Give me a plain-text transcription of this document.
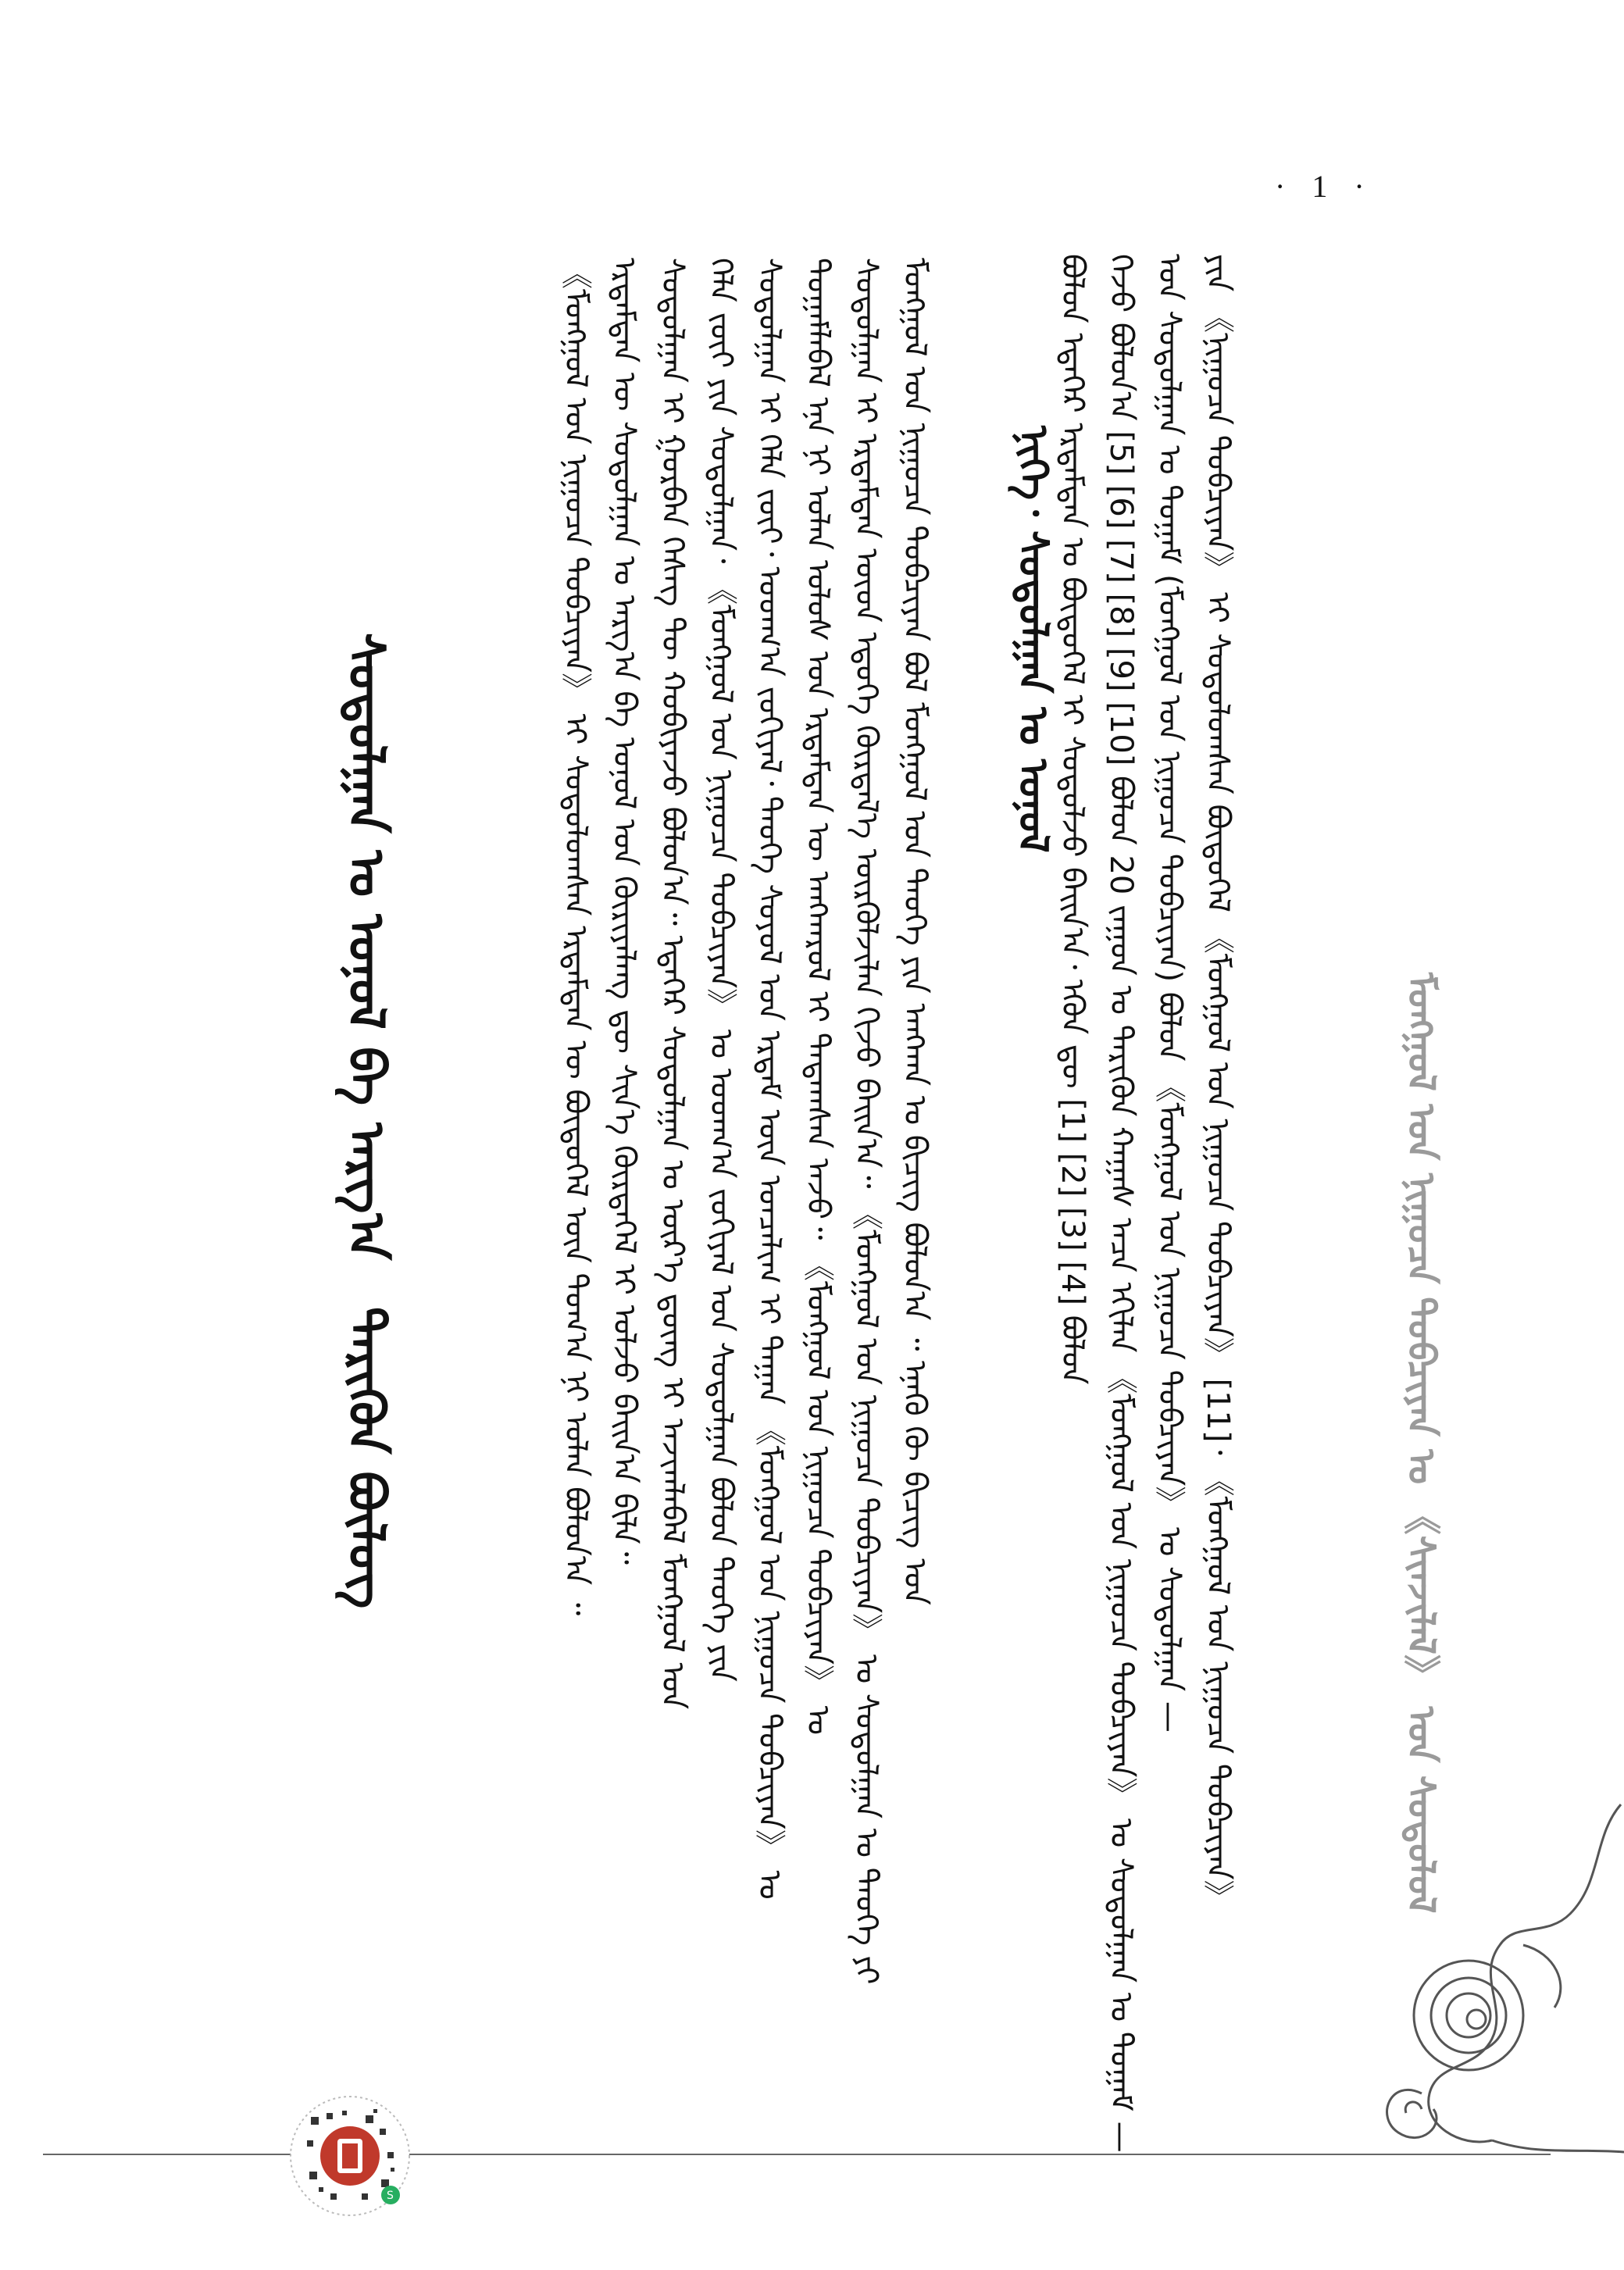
· 1 ·
ᠮᠣᠩᠭᠣᠯ ᠤᠨ ᠨᠢᠭᠤᠴᠠ ᠲᠣᠪᠴᠢᠶᠠᠨ ᠤ 《ᠰᠢᠨᠵᠢᠯᠡᠯ》 ᠤᠨ ᠰᠤᠳᠤᠯᠤᠯ
ᠶᠢᠨ 《ᠨᠢᠭᠤᠴᠠ ᠲᠣᠪᠴᠢᠶᠠᠨ》 ᠢ ᠰᠤᠳᠤᠯᠤᠭᠰᠠᠨ ᠪᠦᠲᠦᠭᠡᠯ 《ᠮᠣᠩᠭᠣᠯ ᠤᠨ ᠨᠢᠭᠤᠴᠠ ᠲᠣᠪᠴᠢᠶᠠᠨ》 [11]᠂ 《ᠮᠣᠩᠭᠣᠯ ᠤᠨ ᠨᠢᠭᠤᠴᠠ ᠲᠣᠪᠴᠢᠶᠠᠨ》
ᠤᠨ ᠰᠤᠳᠤᠯᠭᠠᠨ ᠤ ᠲᠣᠭᠠᠮ (ᠮᠣᠩᠭᠣᠯ ᠤᠨ ᠨᠢᠭᠤᠴᠠ ᠲᠣᠪᠴᠢᠶᠠᠨ) ᠪᠣᠯᠤᠨ 《ᠮᠣᠩᠭᠣᠯ ᠤᠨ ᠨᠢᠭᠤᠴᠠ ᠲᠣᠪᠴᠢᠶᠠᠨ》 ᠤ ᠰᠤᠳᠤᠯᠭᠠᠨ —
ᠭᠡᠵᠦ ᠪᠣᠯᠤᠨ᠎ᠠ [5] [6] [7] [8] [9] [10] ᠪᠣᠯᠤᠨ 20 ᠵᠠᠭᠤᠨ ᠤ ᠲᠡᠷᠢᠭᠦᠨ ᠬᠠᠭᠠᠰ ᠠᠴᠠ ᠡᠬᠢᠯᠡᠨ 《ᠮᠣᠩᠭᠣᠯ ᠤᠨ ᠨᠢᠭᠤᠴᠠ ᠲᠣᠪᠴᠢᠶᠠᠨ》 ᠤ ᠰᠤᠳᠤᠯᠭᠠᠨ ᠤ ᠲᠣᠭᠠᠮ —
ᠪᠣᠯᠤᠨ ᠡᠳᠡᠭᠡᠷ ᠡᠷᠳᠡᠮᠲᠡᠨ ᠤ ᠪᠦᠲᠦᠭᠡᠯ ᠢ ᠰᠤᠳᠤᠯᠵᠤ ᠪᠠᠢᠨ᠎ᠠ᠂ ᠡᠭᠦᠨ ᠳᠦ [1] [2] [3] [4] ᠪᠣᠯᠤᠨ
ᠨᠢᠭᠡ᠂ ᠰᠤᠳᠤᠯᠭᠠᠨ ᠤ ᠣᠨᠣᠯ
ᠮᠣᠩᠭᠣᠯ ᠤᠨ ᠨᠢᠭᠤᠴᠠ ᠲᠣᠪᠴᠢᠶᠠᠨ ᠪᠣᠯ ᠮᠣᠩᠭᠣᠯ ᠤᠨ ᠲᠡᠦᠬᠡ ᠶᠢᠨ ᠠᠩᠬᠠᠨ ᠤ ᠪᠢᠴᠢᠭ ᠪᠣᠯᠤᠨ᠎ᠠ ᠃ ᠡᠨᠡᠬᠦ ᠬᠦ ᠪᠢᠴᠢᠭ ᠤᠨ
ᠰᠤᠳᠤᠯᠭᠠᠨ ᠢ ᠡᠷᠳᠡᠮᠲᠡᠨ ᠦᠳ ᠡᠳᠦᠭᠡ ᠬᠦᠷᠲᠡᠯ᠎ᠡ ᠦᠷᠭᠦᠯᠵᠢᠯᠡᠨ ᠬᠢᠵᠦ ᠪᠠᠢᠨ᠎ᠠ᠃ 《ᠮᠣᠩᠭᠣᠯ ᠤᠨ ᠨᠢᠭᠤᠴᠠ ᠲᠣᠪᠴᠢᠶᠠᠨ》 ᠤ ᠰᠤᠳᠤᠯᠭᠠᠨ ᠤ ᠲᠡᠦᠬᠡ ᠶᠢ
ᠲᠣᠭᠠᠮᠯᠠᠪᠠᠯ ᠡᠨᠡ ᠨᠢ ᠣᠯᠠᠨ ᠤᠯᠤᠰ ᠤᠨ ᠡᠷᠳᠡᠮᠲᠡᠨ ᠦ ᠠᠩᠬᠠᠷᠤᠯ ᠢ ᠲᠠᠲᠠᠭᠰᠠᠨ ᠠᠵᠤ᠃ 《ᠮᠣᠩᠭᠣᠯ ᠤᠨ ᠨᠢᠭᠤᠴᠠ ᠲᠣᠪᠴᠢᠶᠠᠨ》 ᠤ
ᠰᠤᠳᠤᠯᠭᠠᠨ ᠢ ᠬᠡᠯᠡ ᠵᠦᠢ᠂ ᠤᠳᠬ᠎ᠠ ᠵᠣᠬᠢᠶᠠᠯ᠂ ᠲᠡᠦᠬᠡ ᠰᠣᠶᠣᠯ ᠤᠨ ᠡᠷᠳᠡᠮ ᠦᠨ ᠣᠨᠴᠠᠯᠢᠭ ᠢ ᠳᠠᠭᠠᠨ 《ᠮᠣᠩᠭᠣᠯ ᠤᠨ ᠨᠢᠭᠤᠴᠠ ᠲᠣᠪᠴᠢᠶᠠᠨ》 ᠤ
ᠬᠡᠯᠡ ᠵᠦᠢ ᠶᠢᠨ ᠰᠤᠳᠤᠯᠭᠠᠨ᠂ 《ᠮᠣᠩᠭᠣᠯ ᠤᠨ ᠨᠢᠭᠤᠴᠠ ᠲᠣᠪᠴᠢᠶᠠᠨ》 ᠤ ᠤᠳᠬ᠎ᠠ ᠵᠣᠬᠢᠶᠠᠯ ᠤᠨ ᠰᠤᠳᠤᠯᠭᠠᠨ ᠪᠣᠯᠤᠨ ᠲᠡᠦᠬᠡ ᠶᠢᠨ
ᠰᠤᠳᠤᠯᠭᠠᠨ ᠢ ᠭᠤᠷᠪᠠᠨ ᠬᠡᠰᠡᠭ ᠲᠦ ᠬᠤᠪᠢᠶᠠᠵᠤ ᠪᠣᠯᠤᠨ᠎ᠠ᠃ ᠡᠳᠡᠭᠡᠷ ᠰᠤᠳᠤᠯᠭᠠᠨ ᠤ ᠦᠷ᠎ᠡ ᠳ᠋ᠦᠩ ᠢ ᠠᠵᠢᠭᠯᠠᠪᠠᠯ ᠮᠣᠩᠭᠣᠯ ᠤᠨ
ᠡᠷᠳᠡᠮᠲᠡᠨ ᠦ ᠰᠤᠳᠤᠯᠭᠠᠨ ᠤ ᠠᠷᠭ᠎ᠠ ᠪᠠ ᠣᠨᠣᠯ ᠤᠨ ᠬᠦᠷᠢᠶᠡᠯᠡᠩ ᠳᠦ ᠰᠢᠨ᠎ᠡ ᠬᠦᠷᠲᠡᠭᠡᠯ ᠢ ᠣᠯᠵᠤ ᠪᠠᠢᠨ᠎ᠠ ᠪᠢᠯᠡ᠃
《ᠮᠣᠩᠭᠣᠯ ᠤᠨ ᠨᠢᠭᠤᠴᠠ ᠲᠣᠪᠴᠢᠶᠠᠨ》 ᠢ ᠰᠤᠳᠤᠯᠤᠭᠰᠠᠨ ᠡᠷᠳᠡᠮᠲᠡᠨ ᠦ ᠪᠦᠲᠦᠭᠡᠯ ᠦᠨ ᠲᠣᠭ᠎ᠠ ᠨᠢ ᠣᠯᠠᠨ ᠪᠣᠯᠤᠨ᠎ᠠ ᠃
ᠰᠤᠳᠤᠯᠭᠠᠨ ᠤ ᠣᠨᠣᠯ ᠪᠠ ᠠᠷᠭ᠎ᠠᠲᠡᠷᠢᠭᠦᠨ ᠪᠦᠯᠦᠭ
S
